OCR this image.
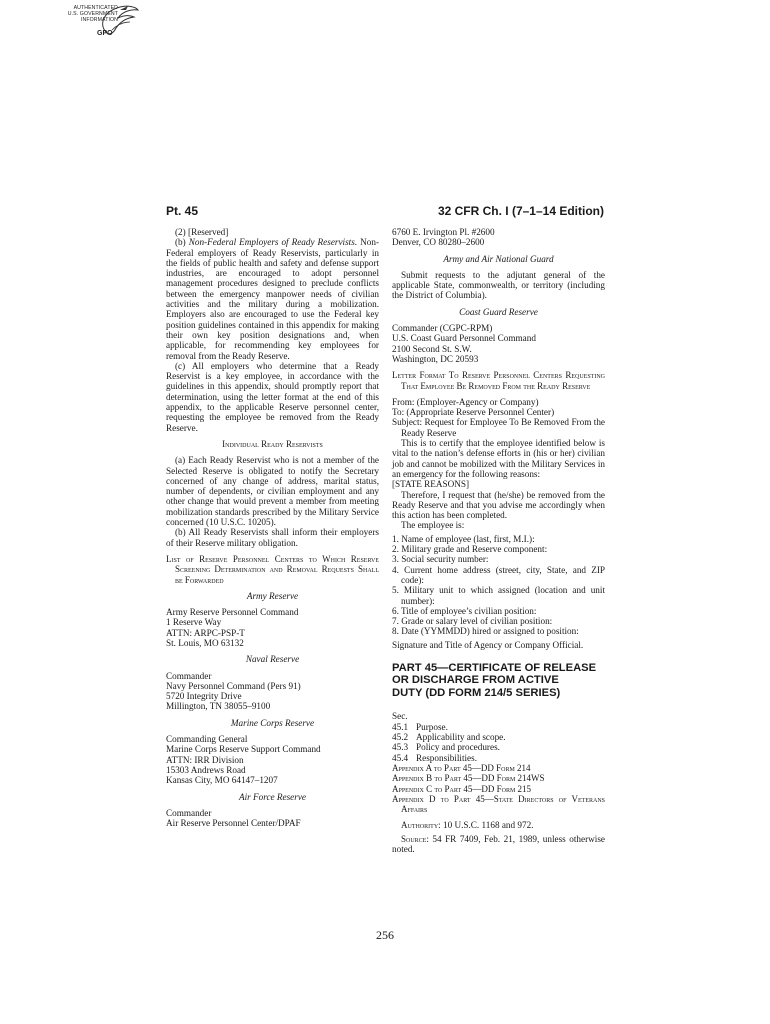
AUTHENTICATED
U.S. GOVERNMENT
INFORMATION
GPO
Pt. 45	32 CFR Ch. I (7–1–14 Edition)

(2) [Reserved]

(b) Non-Federal Employers of Ready Reservists. Non-Federal employers of Ready Reservists, particularly in the fields of public health and safety and defense support industries, are encouraged to adopt personnel management procedures designed to preclude conflicts between the emergency manpower needs of civilian activities and the military during a mobilization. Employers also are encouraged to use the Federal key position guidelines contained in this appendix for making their own key position designations and, when applicable, for recommending key employees for removal from the Ready Reserve.

(c) All employers who determine that a Ready Reservist is a key employee, in accordance with the guidelines in this appendix, should promptly report that determination, using the letter format at the end of this appendix, to the applicable Reserve personnel center, requesting the employee be removed from the Ready Reserve.

Individual Ready Reservists

(a) Each Ready Reservist who is not a member of the Selected Reserve is obligated to notify the Secretary concerned of any change of address, marital status, number of dependents, or civilian employment and any other change that would prevent a member from meeting mobilization standards prescribed by the Military Service concerned (10 U.S.C. 10205).

(b) All Ready Reservists shall inform their employers of their Reserve military obligation.

List of Reserve Personnel Centers to Which Reserve Screening Determination and Removal Requests Shall be Forwarded

Army Reserve

Army Reserve Personnel Command

1 Reserve Way

ATTN: ARPC-PSP-T

St. Louis, MO 63132

Naval Reserve

Commander

Navy Personnel Command (Pers 91)

5720 Integrity Drive

Millington, TN 38055–9100

Marine Corps Reserve

Commanding General

Marine Corps Reserve Support Command

ATTN: IRR Division

15303 Andrews Road

Kansas City, MO 64147–1207

Air Force Reserve

Commander

Air Reserve Personnel Center/DPAF

6760 E. Irvington Pl. #2600

Denver, CO 80280–2600

Army and Air National Guard

Submit requests to the adjutant general of the applicable State, commonwealth, or territory (including the District of Columbia).

Coast Guard Reserve

Commander (CGPC-RPM)

U.S. Coast Guard Personnel Command

2100 Second St. S.W.

Washington, DC 20593

Letter Format To Reserve Personnel Centers Requesting That Employee Be Removed From the Ready Reserve

From: (Employer-Agency or Company)

To: (Appropriate Reserve Personnel Center)

Subject: Request for Employee To Be Removed From the Ready Reserve

This is to certify that the employee identified below is vital to the nation’s defense efforts in (his or her) civilian job and cannot be mobilized with the Military Services in an emergency for the following reasons:

[STATE REASONS]

Therefore, I request that (he/she) be removed from the Ready Reserve and that you advise me accordingly when this action has been completed.

The employee is:

1. Name of employee (last, first, M.I.):

2. Military grade and Reserve component:

3. Social security number:

4. Current home address (street, city, State, and ZIP code):

5. Military unit to which assigned (location and unit number):

6. Title of employee’s civilian position:

7. Grade or salary level of civilian position:

8. Date (YYMMDD) hired or assigned to position:

Signature and Title of Agency or Company Official.

PART 45—CERTIFICATE OF RELEASE

OR DISCHARGE FROM ACTIVE

DUTY (DD FORM 214/5 SERIES)

Sec.

45.1 Purpose.
45.2 Applicability and scope.
45.3 Policy and procedures.
45.4 Responsibilities.

Appendix A to Part 45—DD Form 214

Appendix B to Part 45—DD Form 214WS

Appendix C to Part 45—DD Form 215

Appendix D to Part 45—State Directors of Veterans Affairs

Authority: 10 U.S.C. 1168 and 972.

Source: 54 FR 7409, Feb. 21, 1989, unless otherwise noted.

256
